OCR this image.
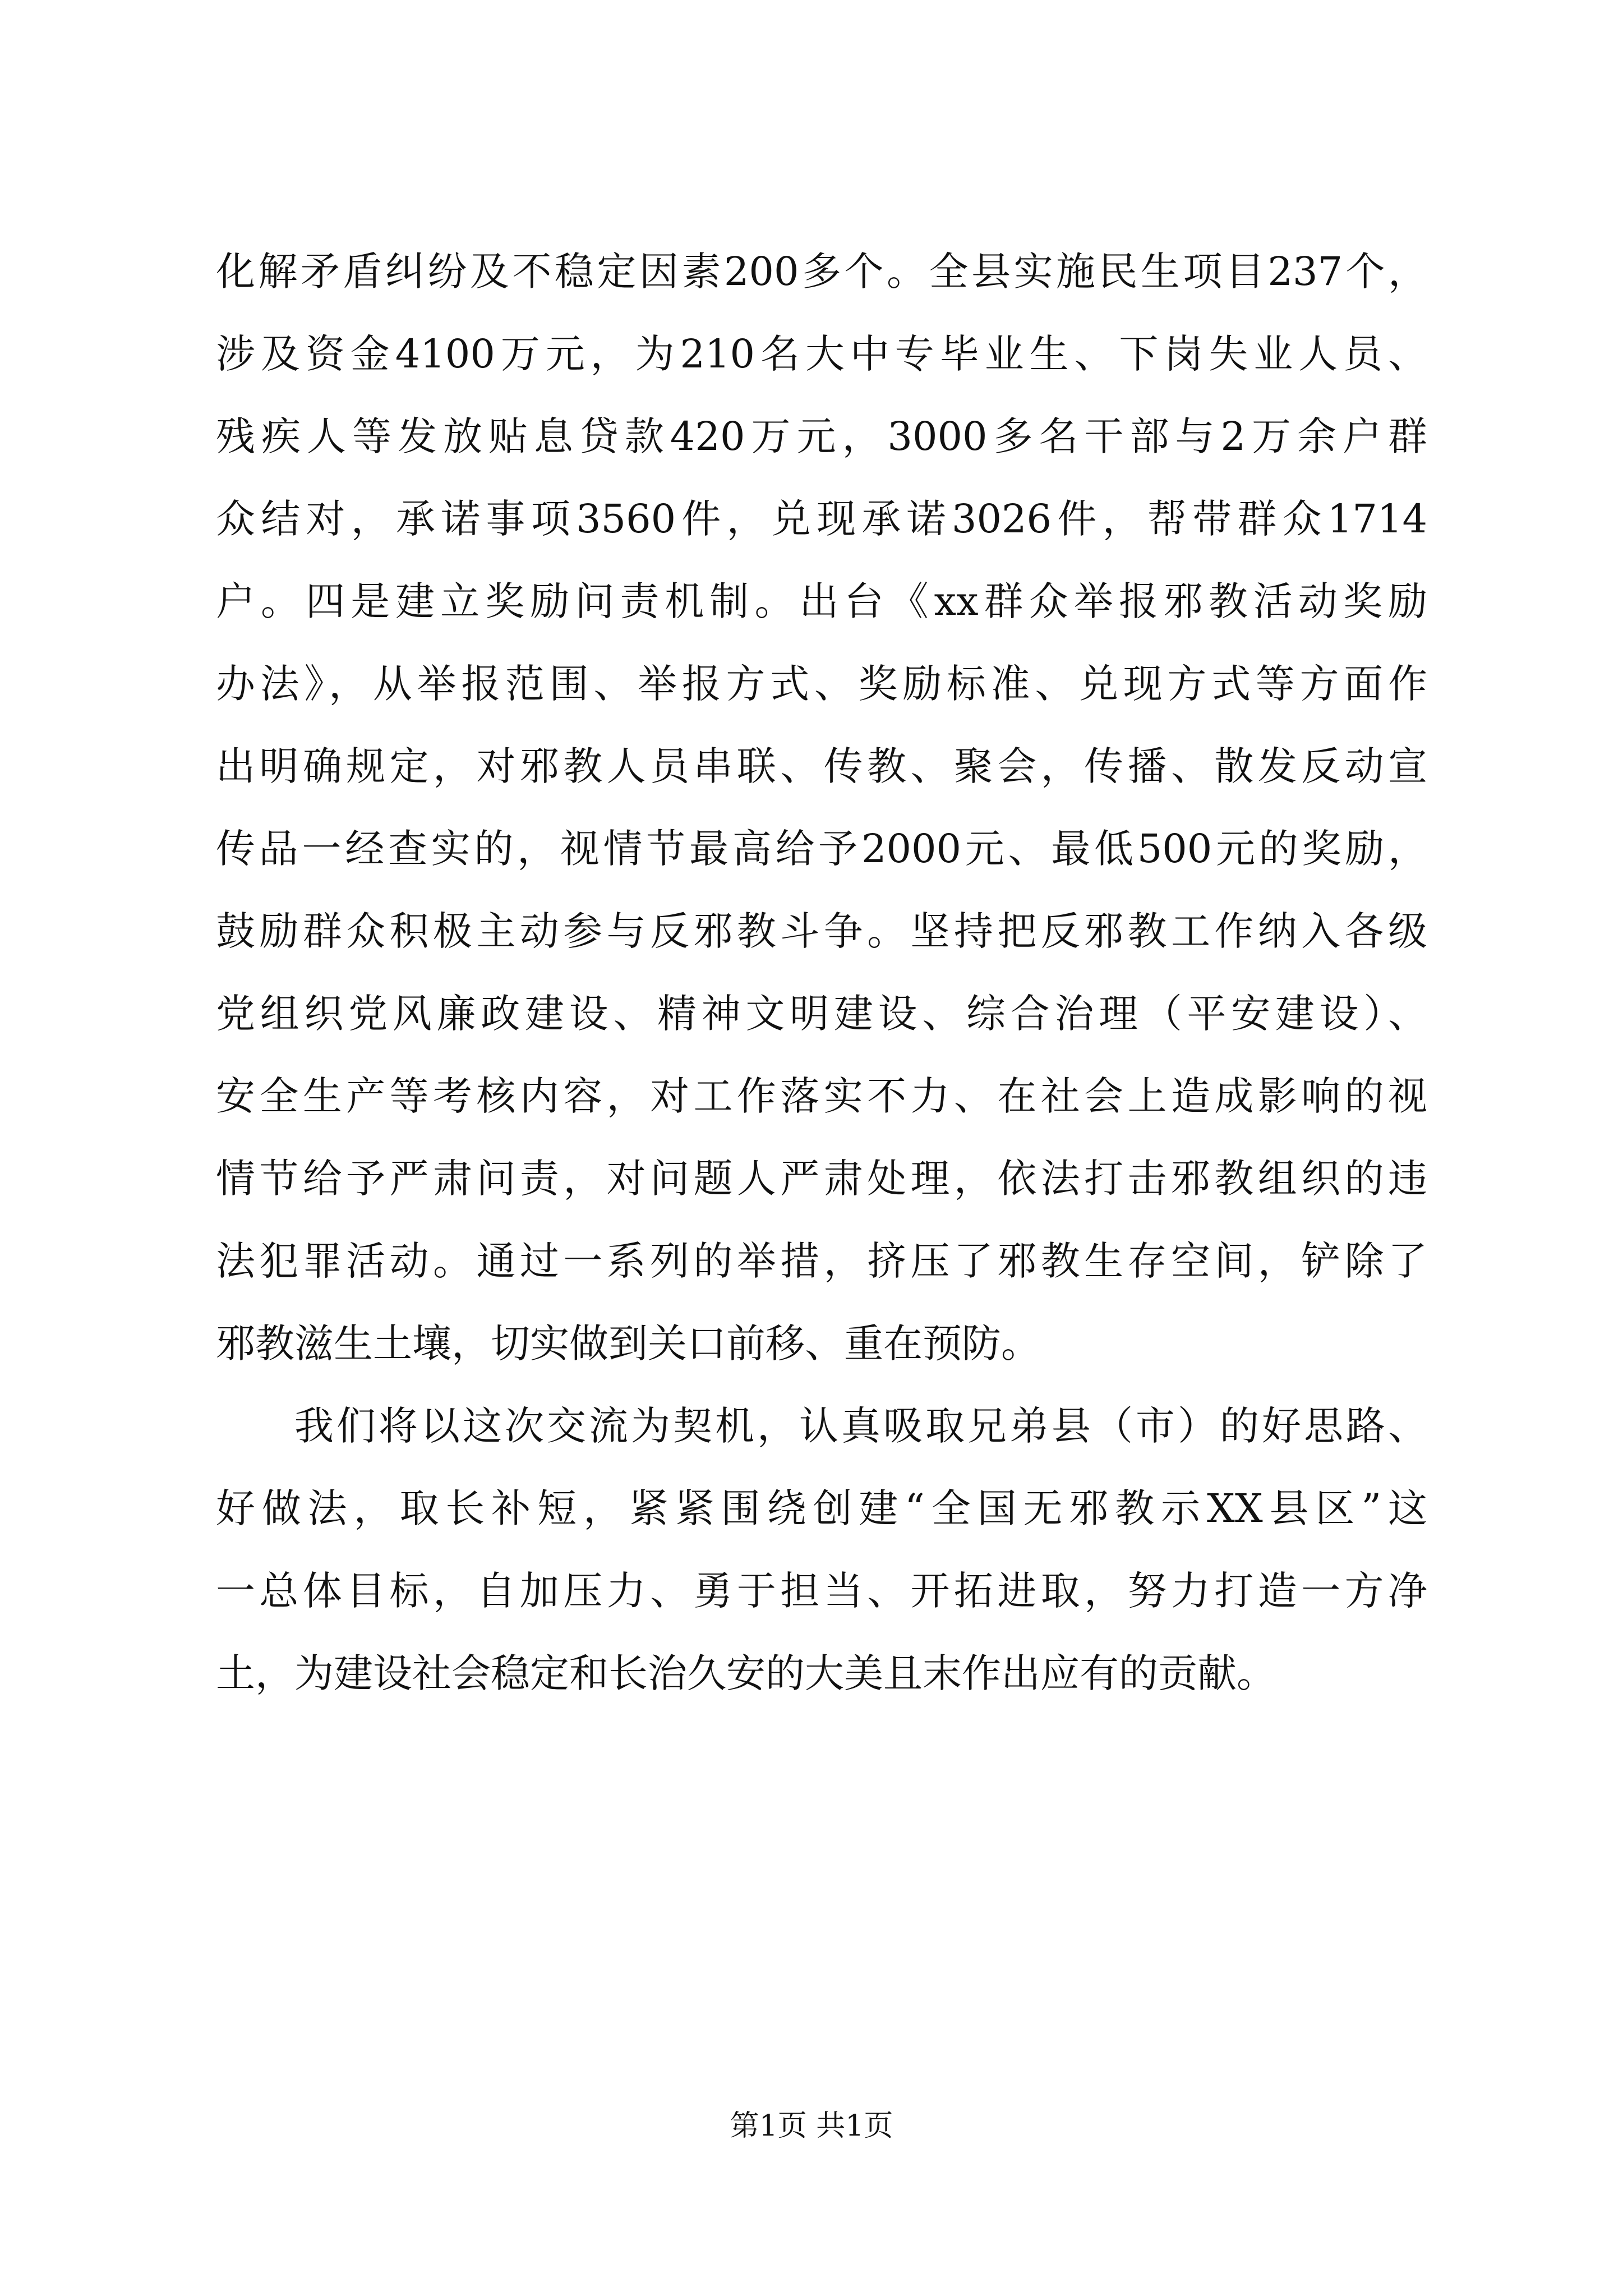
化解矛盾纠纷及不稳定因素200多个。全县实施民生项目237个，
涉及资金4100万元，为210名大中专毕业生、下岗失业人员、
残疾人等发放贴息贷款420万元，3000多名干部与2万余户群
众结对，承诺事项3560件，兑现承诺3026件，帮带群众1714
户。四是建立奖励问责机制。出台《xx群众举报邪教活动奖励
办法》，从举报范围、举报方式、奖励标准、兑现方式等方面作
出明确规定，对邪教人员串联、传教、聚会，传播、散发反动宣
传品一经查实的，视情节最高给予2000元、最低500元的奖励，
鼓励群众积极主动参与反邪教斗争。坚持把反邪教工作纳入各级
党组织党风廉政建设、精神文明建设、综合治理（平安建设）、
安全生产等考核内容，对工作落实不力、在社会上造成影响的视
情节给予严肃问责，对问题人严肃处理，依法打击邪教组织的违
法犯罪活动。通过一系列的举措，挤压了邪教生存空间，铲除了
邪教滋生土壤，切实做到关口前移、重在预防。
我们将以这次交流为契机，认真吸取兄弟县（市）的好思路、
好做法，取长补短，紧紧围绕创建“全国无邪教示XX县区”这
一总体目标，自加压力、勇于担当、开拓进取，努力打造一方净
土，为建设社会稳定和长治久安的大美且末作出应有的贡献。
第1页 共1页
